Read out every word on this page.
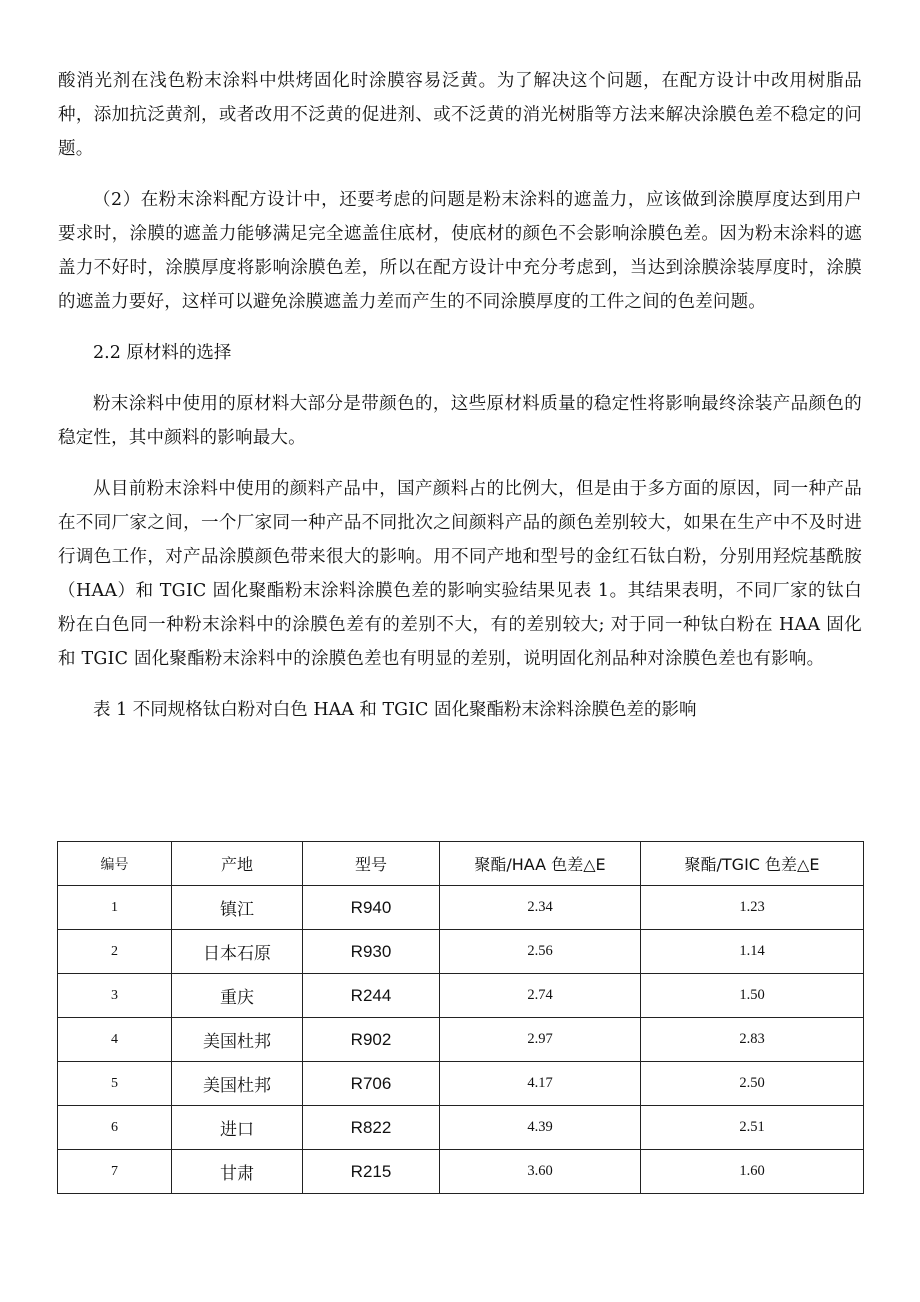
酸消光剂在浅色粉末涂料中烘烤固化时涂膜容易泛黄。为了解决这个问题，在配方设计中改用树脂品种，添加抗泛黄剂，或者改用不泛黄的促进剂、或不泛黄的消光树脂等方法来解决涂膜色差不稳定的问题。

（2）在粉末涂料配方设计中，还要考虑的问题是粉末涂料的遮盖力，应该做到涂膜厚度达到用户要求时，涂膜的遮盖力能够满足完全遮盖住底材，使底材的颜色不会影响涂膜色差。因为粉末涂料的遮盖力不好时，涂膜厚度将影响涂膜色差，所以在配方设计中充分考虑到，当达到涂膜涂装厚度时，涂膜的遮盖力要好，这样可以避免涂膜遮盖力差而产生的不同涂膜厚度的工件之间的色差问题。

2.2 原材料的选择

粉末涂料中使用的原材料大部分是带颜色的，这些原材料质量的稳定性将影响最终涂装产品颜色的稳定性，其中颜料的影响最大。

从目前粉末涂料中使用的颜料产品中，国产颜料占的比例大，但是由于多方面的原因，同一种产品在不同厂家之间，一个厂家同一种产品不同批次之间颜料产品的颜色差别较大，如果在生产中不及时进行调色工作，对产品涂膜颜色带来很大的影响。用不同产地和型号的金红石钛白粉，分别用羟烷基酰胺（HAA）和 TGIC 固化聚酯粉末涂料涂膜色差的影响实验结果见表 1。其结果表明，不同厂家的钛白粉在白色同一种粉末涂料中的涂膜色差有的差别不大，有的差别较大; 对于同一种钛白粉在 HAA 固化和 TGIC 固化聚酯粉末涂料中的涂膜色差也有明显的差别，说明固化剂品种对涂膜色差也有影响。

表 1 不同规格钛白粉对白色 HAA 和 TGIC 固化聚酯粉末涂料涂膜色差的影响

编号	产地	型号	聚酯/HAA 色差△E	聚酯/TGIC 色差△E
1	镇江	R940	2.34	1.23
2	日本石原	R930	2.56	1.14
3	重庆	R244	2.74	1.50
4	美国杜邦	R902	2.97	2.83
5	美国杜邦	R706	4.17	2.50
6	进口	R822	4.39	2.51
7	甘肃	R215	3.60	1.60
